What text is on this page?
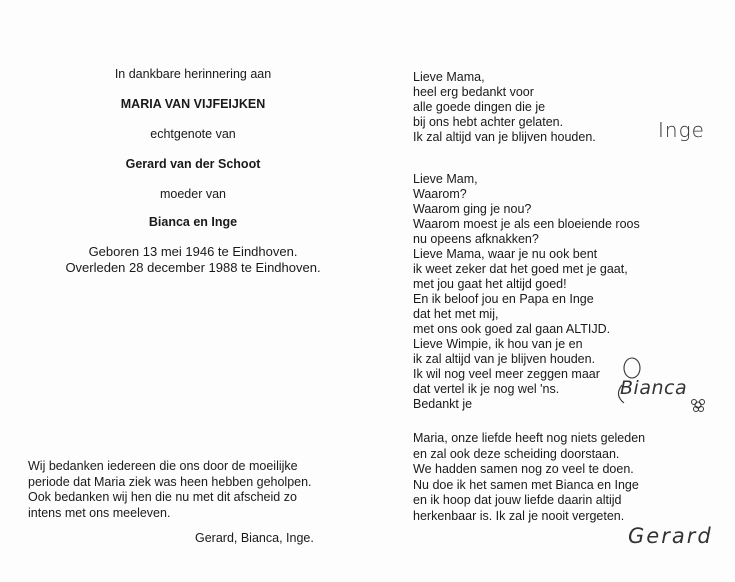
In dankbare herinnering aan
MARIA VAN VIJFEIJKEN
echtgenote van
Gerard van der Schoot
moeder van
Bianca en Inge
Geboren 13 mei 1946 te Eindhoven.
Overleden 28 december 1988 te Eindhoven.
Wij bedanken iedereen die ons door de moeilijke
periode dat Maria ziek was heen hebben geholpen.
Ook bedanken wij hen die nu met dit afscheid zo
intens met ons meeleven.
Gerard, Bianca, Inge.
Lieve Mama,
heel erg bedankt voor
alle goede dingen die je
bij ons hebt achter gelaten.
Ik zal altijd van je blijven houden.	Inge
Lieve Mam,
Waarom?
Waarom ging je nou?
Waarom moest je als een bloeiende roos
nu opeens afknakken?
Lieve Mama, waar je nu ook bent
ik weet zeker dat het goed met je gaat,
met jou gaat het altijd goed!
En ik beloof jou en Papa en Inge
dat het met mij,
met ons ook goed zal gaan ALTIJD.
Lieve Wimpie, ik hou van je en
ik zal altijd van je blijven houden.
Ik wil nog veel meer zeggen maar
dat vertel ik je nog wel 'ns.
Bedankt je
Bianca
Maria, onze liefde heeft nog niets geleden
en zal ook deze scheiding doorstaan.
We hadden samen nog zo veel te doen.
Nu doe ik het samen met Bianca en Inge
en ik hoop dat jouw liefde daarin altijd
herkenbaar is. Ik zal je nooit vergeten.
Gerard
